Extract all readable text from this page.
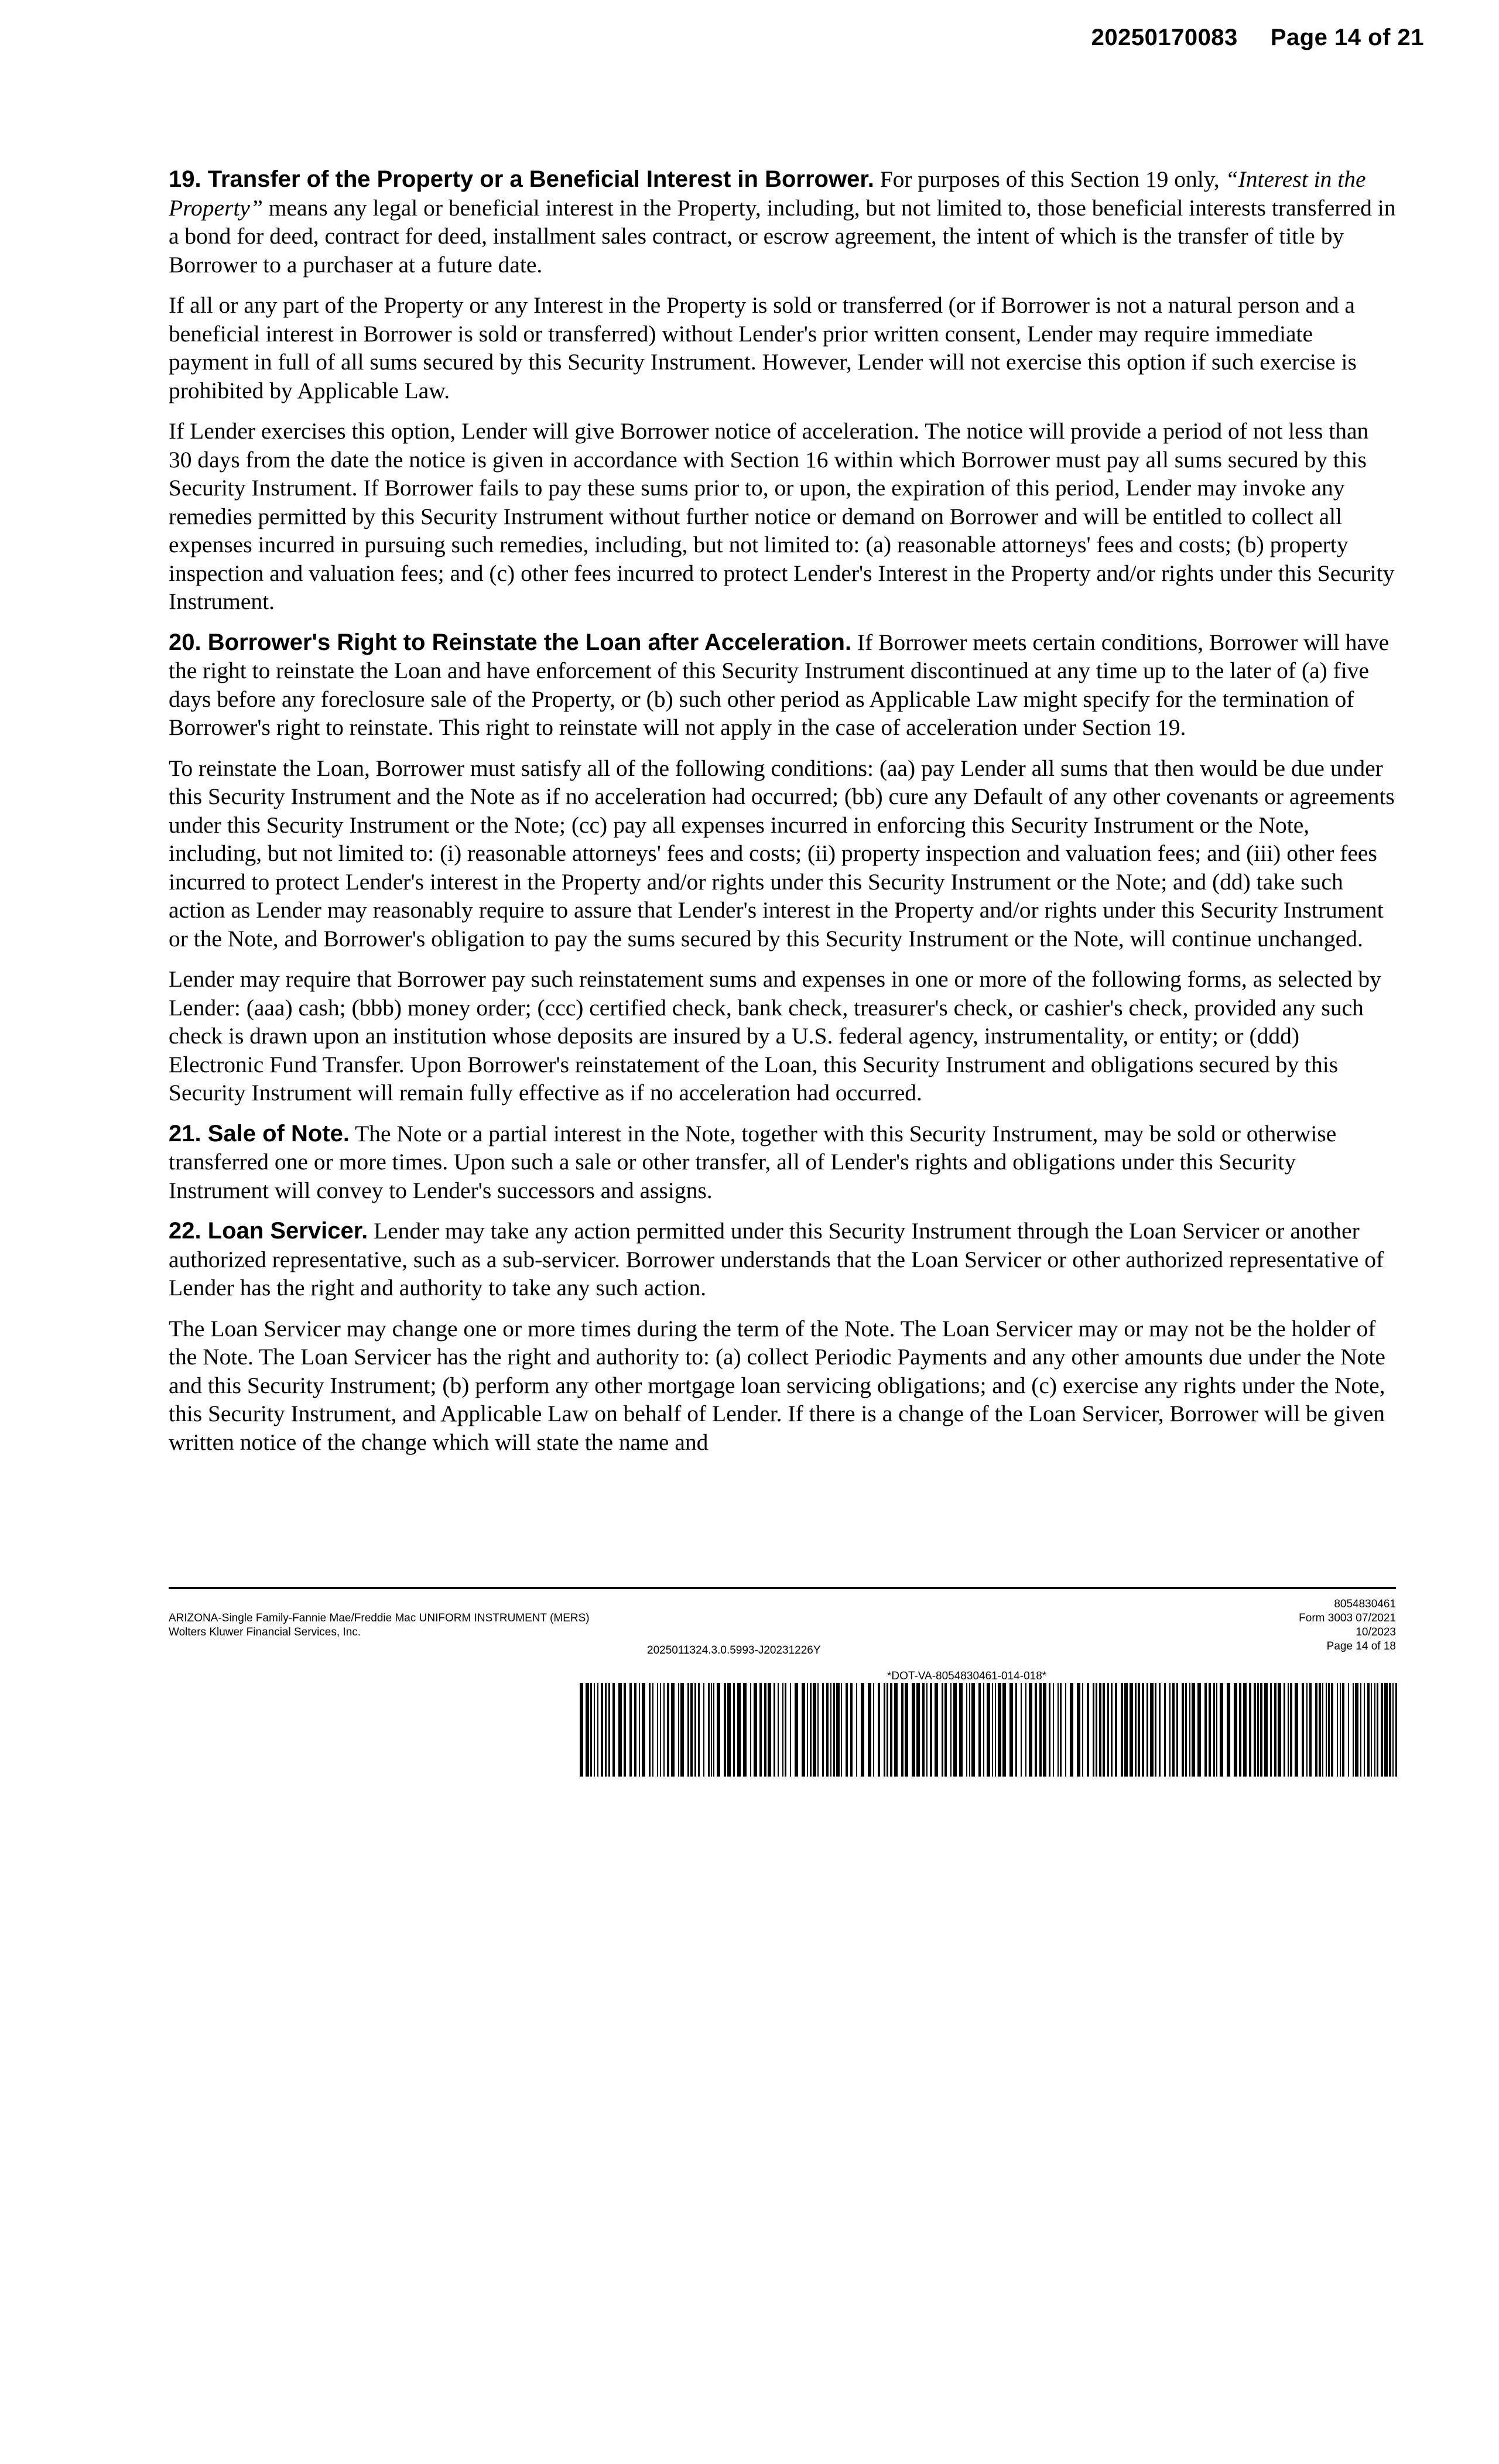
20250170083 Page 14 of 21

19. Transfer of the Property or a Beneficial Interest in Borrower. For purposes of this Section 19 only, “Interest in the Property” means any legal or beneficial interest in the Property, including, but not limited to, those beneficial interests transferred in a bond for deed, contract for deed, installment sales contract, or escrow agreement, the intent of which is the transfer of title by Borrower to a purchaser at a future date.

If all or any part of the Property or any Interest in the Property is sold or transferred (or if Borrower is not a natural person and a beneficial interest in Borrower is sold or transferred) without Lender's prior written consent, Lender may require immediate payment in full of all sums secured by this Security Instrument. However, Lender will not exercise this option if such exercise is prohibited by Applicable Law.

If Lender exercises this option, Lender will give Borrower notice of acceleration. The notice will provide a period of not less than 30 days from the date the notice is given in accordance with Section 16 within which Borrower must pay all sums secured by this Security Instrument. If Borrower fails to pay these sums prior to, or upon, the expiration of this period, Lender may invoke any remedies permitted by this Security Instrument without further notice or demand on Borrower and will be entitled to collect all expenses incurred in pursuing such remedies, including, but not limited to: (a) reasonable attorneys' fees and costs; (b) property inspection and valuation fees; and (c) other fees incurred to protect Lender's Interest in the Property and/or rights under this Security Instrument.

20. Borrower's Right to Reinstate the Loan after Acceleration. If Borrower meets certain conditions, Borrower will have the right to reinstate the Loan and have enforcement of this Security Instrument discontinued at any time up to the later of (a) five days before any foreclosure sale of the Property, or (b) such other period as Applicable Law might specify for the termination of Borrower's right to reinstate. This right to reinstate will not apply in the case of acceleration under Section 19.

To reinstate the Loan, Borrower must satisfy all of the following conditions: (aa) pay Lender all sums that then would be due under this Security Instrument and the Note as if no acceleration had occurred; (bb) cure any Default of any other covenants or agreements under this Security Instrument or the Note; (cc) pay all expenses incurred in enforcing this Security Instrument or the Note, including, but not limited to: (i) reasonable attorneys' fees and costs; (ii) property inspection and valuation fees; and (iii) other fees incurred to protect Lender's interest in the Property and/or rights under this Security Instrument or the Note; and (dd) take such action as Lender may reasonably require to assure that Lender's interest in the Property and/or rights under this Security Instrument or the Note, and Borrower's obligation to pay the sums secured by this Security Instrument or the Note, will continue unchanged.

Lender may require that Borrower pay such reinstatement sums and expenses in one or more of the following forms, as selected by Lender: (aaa) cash; (bbb) money order; (ccc) certified check, bank check, treasurer's check, or cashier's check, provided any such check is drawn upon an institution whose deposits are insured by a U.S. federal agency, instrumentality, or entity; or (ddd) Electronic Fund Transfer. Upon Borrower's reinstatement of the Loan, this Security Instrument and obligations secured by this Security Instrument will remain fully effective as if no acceleration had occurred.

21. Sale of Note. The Note or a partial interest in the Note, together with this Security Instrument, may be sold or otherwise transferred one or more times. Upon such a sale or other transfer, all of Lender's rights and obligations under this Security Instrument will convey to Lender's successors and assigns.

22. Loan Servicer. Lender may take any action permitted under this Security Instrument through the Loan Servicer or another authorized representative, such as a sub-servicer. Borrower understands that the Loan Servicer or other authorized representative of Lender has the right and authority to take any such action.

The Loan Servicer may change one or more times during the term of the Note. The Loan Servicer may or may not be the holder of the Note. The Loan Servicer has the right and authority to: (a) collect Periodic Payments and any other amounts due under the Note and this Security Instrument; (b) perform any other mortgage loan servicing obligations; and (c) exercise any rights under the Note, this Security Instrument, and Applicable Law on behalf of Lender. If there is a change of the Loan Servicer, Borrower will be given written notice of the change which will state the name and

ARIZONA-Single Family-Fannie Mae/Freddie Mac UNIFORM INSTRUMENT (MERS)
Wolters Kluwer Financial Services, Inc.
2025011324.3.0.5993-J20231226Y
8054830461
Form 3003 07/2021
10/2023
Page 14 of 18
*DOT-VA-8054830461-014-018*
